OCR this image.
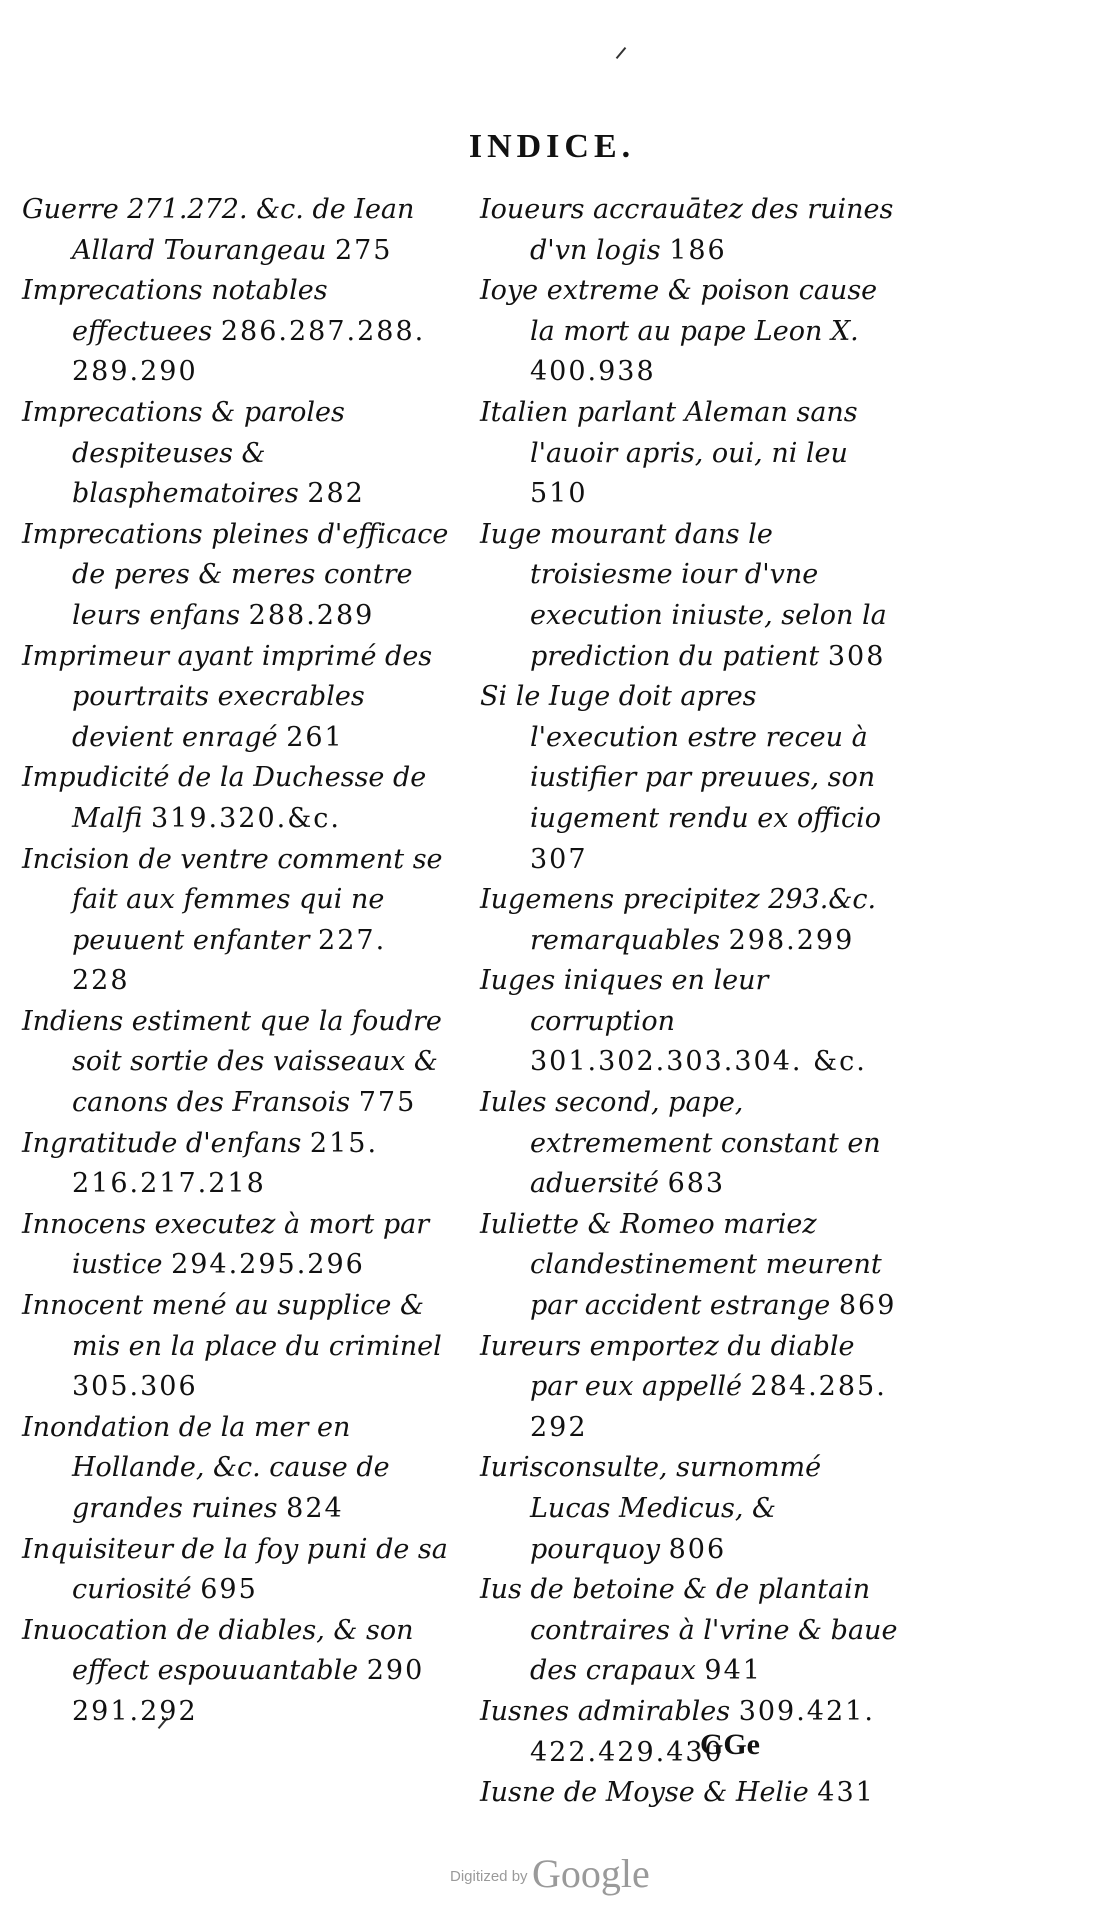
INDICE.
Guerre 271.272. &c. de Iean Allard Tourangeau 275
Imprecations notables effectuees 286.287.288. 289.290
Imprecations & paroles despiteuses & blasphematoires 282
Imprecations pleines d'efficace de peres & meres contre leurs enfans 288.289
Imprimeur ayant imprimé des pourtraits execrables devient enragé 261
Impudicité de la Duchesse de Malfi 319.320.&c.
Incision de ventre comment se fait aux femmes qui ne peuuent enfanter 227. 228
Indiens estiment que la foudre soit sortie des vaisseaux & canons des Fransois 775
Ingratitude d'enfans 215. 216.217.218
Innocens executez à mort par iustice 294.295.296
Innocent mené au supplice & mis en la place du criminel 305.306
Inondation de la mer en Hollande, &c. cause de grandes ruines 824
Inquisiteur de la foy puni de sa curiosité 695
Inuocation de diables, & son effect espouuantable 290 291.292
Ioueurs accrauātez des ruines d'vn logis 186
Ioye extreme & poison cause la mort au pape Leon X. 400.938
Italien parlant Aleman sans l'auoir apris, oui, ni leu 510
Iuge mourant dans le troisiesme iour d'vne execution iniuste, selon la prediction du patient 308
Si le Iuge doit apres l'execution estre receu à iustifier par preuues, son iugement rendu ex officio 307
Iugemens precipitez 293.&c. remarquables 298.299
Iuges iniques en leur corruption 301.302.303.304. &c.
Iules second, pape, extremement constant en aduersité 683
Iuliette & Romeo mariez clandestinement meurent par accident estrange 869
Iureurs emportez du diable par eux appellé 284.285. 292
Iurisconsulte, surnommé Lucas Medicus, & pourquoy 806
Ius de betoine & de plantain contraires à l'vrine & baue des crapaux 941
Iusnes admirables 309.421. 422.429.430
Iusne de Moyse & Helie 431
GGe
Digitized by Google
